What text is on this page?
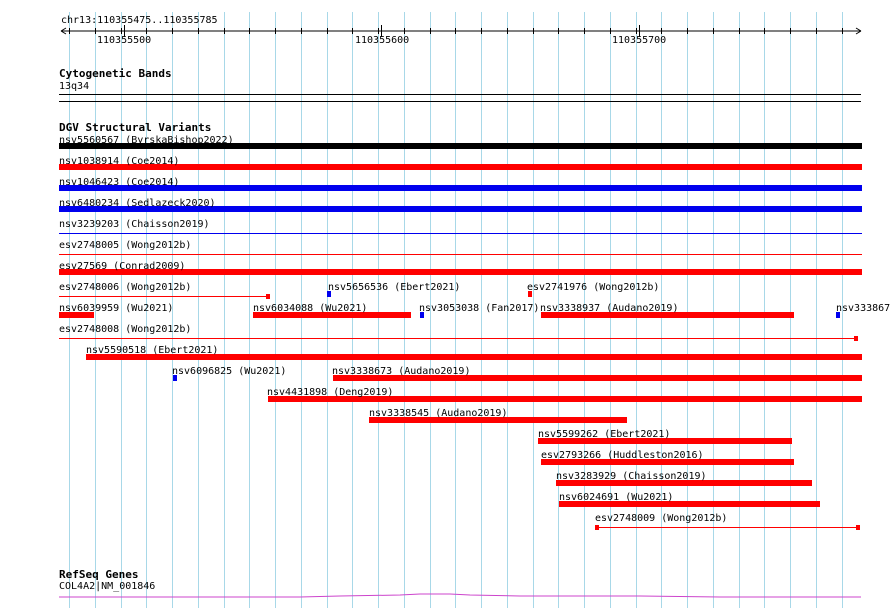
chr13:110355475..110355785
110355500	110355600	110355700
Cytogenetic Bands
13q34
DGV Structural Variants
nsv5560567 (ByrskaBishop2022)
nsv1038914 (Coe2014)
nsv1046423 (Coe2014)
nsv6480234 (Sedlazeck2020)
nsv3239203 (Chaisson2019)
esv2748005 (Wong2012b)
esv27569 (Conrad2009)
esv2748006 (Wong2012b)	nsv5656536 (Ebert2021)	esv2741976 (Wong2012b)
nsv6039959 (Wu2021)	nsv6034088 (Wu2021)	nsv3053038 (Fan2017) nsv3338937 (Audano2019)	nsv333867
esv2748008 (Wong2012b)
nsv5590518 (Ebert2021)
nsv6096825 (Wu2021)	nsv3338673 (Audano2019)
nsv4431898 (Deng2019)
nsv3338545 (Audano2019)
nsv5599262 (Ebert2021)
esv2793266 (Huddleston2016)
nsv3283929 (Chaisson2019)
nsv6024691 (Wu2021)
esv2748009 (Wong2012b)
RefSeq Genes
COL4A2|NM_001846
